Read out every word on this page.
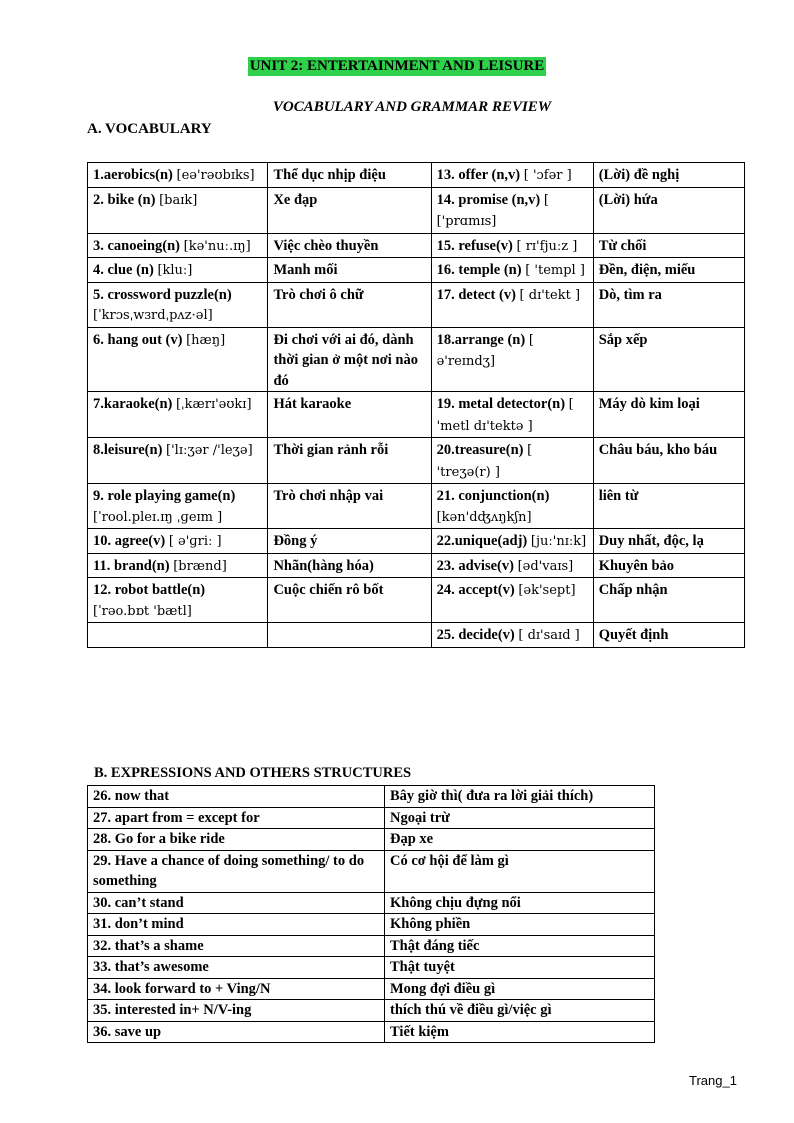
UNIT 2: ENTERTAINMENT AND LEISURE
VOCABULARY AND GRAMMAR REVIEW
A. VOCABULARY
1.aerobics(n) [eə'rəʊbɪks]	Thể dục nhịp điệu	13. offer (n,v) [ 'ɔfər ]	(Lời) đề nghị
2. bike (n) [baɪk]	Xe đạp	14. promise (n,v) [ ['prɑmɪs]	(Lời) hứa
3. canoeing(n) [kə'nuː.ɪŋ]	Việc chèo thuyền	15. refuse(v) [ rɪ'fjuːz ]	Từ chối
4. clue (n) [kluː]	Manh mối	16. temple (n) [ 'templ ]	Đền, điện, miếu
5. crossword puzzle(n) [ˈkrɔsˌwɜrdˌpʌz·əl]	Trò chơi ô chữ	17. detect (v) [ dɪ'tekt ]	Dò, tìm ra
6. hang out (v) [hæŋ]	Đi chơi với ai đó, dành thời gian ở một nơi nào đó	18.arrange (n) [ ə'reɪndʒ]	Sắp xếp
7.karaoke(n) [ˌkærɪ'əʊkɪ]	Hát karaoke	19. metal detector(n) [ 'metl dɪ'tektə ]	Máy dò kim loại
8.leisure(n) ['lɪːʒər /'leʒə]	Thời gian rảnh rỗi	20.treasure(n) [ 'treʒə(r) ]	Châu báu, kho báu
9. role playing game(n) [ˈrool.pleɪ.ɪŋ ˌɡeɪm ]	Trò chơi nhập vai	21. conjunction(n) [kən'dʤʌŋkʃn]	liên từ
10. agree(v) [ ə'ɡriː ]	Đồng ý	22.unique(adj) [juː'nɪːk]	Duy nhất, độc, lạ
11. brand(n) [brænd]	Nhãn(hàng hóa)	23. advise(v) [əd'vaɪs]	Khuyên bảo
12. robot battle(n) [ˈrəo.bɒt 'bætl]	Cuộc chiến rô bốt	24. accept(v) [ək'sept]	Chấp nhận
		25. decide(v) [ dɪ'saɪd ]	Quyết định
B. EXPRESSIONS AND OTHERS STRUCTURES
26. now that	Bây giờ thì( đưa ra lời giải thích)
27. apart from = except for	Ngoại trừ
28. Go for a bike ride	Đạp xe
29. Have a chance of doing something/ to do something	Có cơ hội để làm gì
30. can’t stand	Không chịu đựng nổi
31. don’t mind	Không phiền
32. that’s a shame	Thật đáng tiếc
33. that’s awesome	Thật tuyệt
34. look forward to + Ving/N	Mong đợi điều gì
35. interested in+ N/V-ing	thích thú về điều gì/việc gì
36. save up	Tiết kiệm
Trang_1
